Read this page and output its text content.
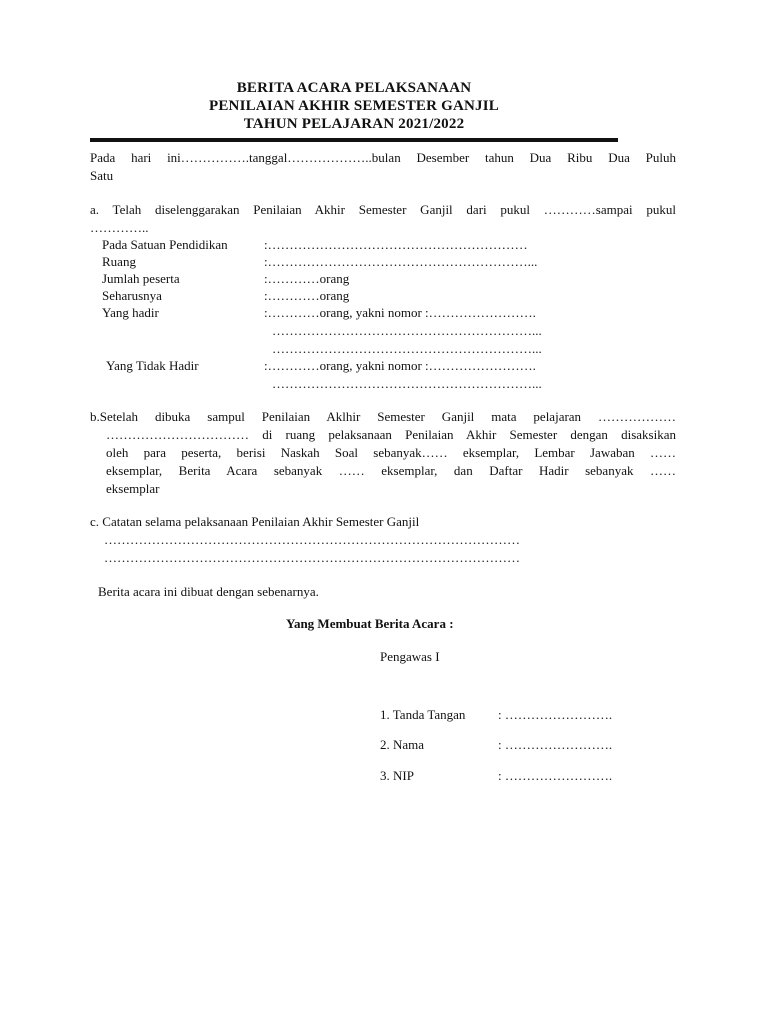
BERITA ACARA PELAKSANAAN
PENILAIAN AKHIR SEMESTER GANJIL
TAHUN PELAJARAN 2021/2022
Pada hari ini…………….tanggal………………..bulan Desember tahun Dua Ribu Dua Puluh
Satu
a. Telah diselenggarakan Penilaian Akhir Semester Ganjil dari pukul …………sampai pukul
…………..
Pada Satuan Pendidikan	:……………………………………………………
Ruang	:……………………………………………………...
Jumlah peserta	:…………orang
Seharusnya	:…………orang
Yang hadir	:…………orang, yakni nomor :…………………….
……………………………………………………...
……………………………………………………...
Yang Tidak Hadir	:…………orang, yakni nomor :…………………….
……………………………………………………...
b.Setelah dibuka sampul Penilaian Aklhir Semester Ganjil mata pelajaran ………………
…………………………… di ruang pelaksanaan Penilaian Akhir Semester dengan disaksikan
oleh para peserta, berisi Naskah Soal sebanyak…… eksemplar, Lembar Jawaban ……
eksemplar, Berita Acara sebanyak …… eksemplar, dan Daftar Hadir sebanyak ……
eksemplar
c. Catatan selama pelaksanaan Penilaian Akhir Semester Ganjil
……………………………………………………………………………………
……………………………………………………………………………………
Berita acara ini dibuat dengan sebenarnya.
Yang Membuat Berita Acara :
Pengawas I
1. Tanda Tangan	: …………………….
2. Nama	: …………………….
3. NIP	: …………………….
